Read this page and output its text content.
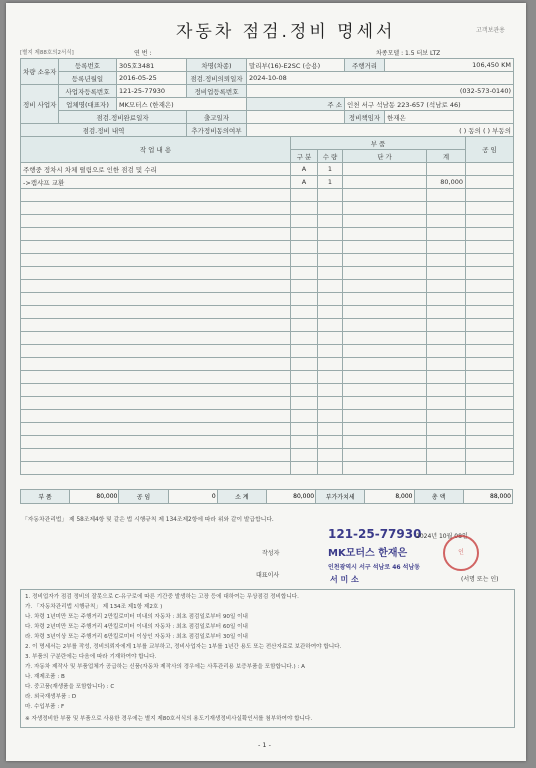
자동차 점검.정비 명세서	고객보관용
[별지 제88호의2서식]	연 번 :	차종모델 : 1.5 터보 LTZ
차량 소유자	등록번호	305호3481	차명(차종)	말리부(16)-E2SC (승용)	주행거리	106,450 KM
	등록년월일	2016-05-25	점검.정비의뢰일자	2024-10-08		
정비 사업자	사업자등록번호	121-25-77930	정비업등록번호	(032-573-0140)		
	업체명(대표자)	MK모터스 (한재은)		주 소	인천 서구 석남동 223-657 (석남로 46)	
	점검.정비완료일자		출고일자		정비책임자	한재은
점검.정비 내역			추가정비동의여부	( ) 동의 ( ) 부동의		
작 업 내 용	부 품				공 임
	구 분	수 량	단 가	계	
주행중 정차시 차체 떨림으로 인한 점검 및 수리	A	1			
->캠샤프 교환	A	1		80,000	

부 품	80,000	공 임	0	소 계	80,000	부가가치세	8,000	총 액	88,000
「자동차관리법」 제 58조제4항 및 같은 법 시행규칙 제 134조제2항에 따라 위와 같이 발급합니다.
121-25-77930
2024년 10월 08일
작성자	MK모터스 한재은
대표이사
인천광역시 서구 석남로 46 석남동
서 미 소	(서명 또는 인)
인
1. 정비업자가 점검 정비의 잘못으로 C-유구로에 따른 기간중 발생하는 고장 등에 대하여는 무상점검 정비합니다.
가. 「자동차관리법 시행규칙」 제 134조 제1항 제2호 )
나. 차령 1년미만 또는 주행거리 2만킬로미터 미내의 자동차 : 최초 점검일로부터 90일 이내
다. 차령 2년미만 또는 주행거리 4만킬로미터 이내의 자동차 : 최초 점검일로부터 60일 이내
라. 차령 3년이상 또는 주행거리 6만킬로미터 이상인 자동차 : 최초 점검일로부터 30일 이내
2. 이 명세서는 2부를 작성, 정비의뢰자에게 1부를 교부하고, 정비사업자는 1부를 1년간 용도 또는 전산자료로 보관하여야 합니다.
3. 부품의 구분란에는 다음에 따라 기재하여야 합니다.
가. 자동차 제작사 및 부품업체가 공급하는 신품(자동차 제작사의 경우에는 사후관리용 보증부품을 포함합니다.) : A
나. 재제조품 : B
다. 중고품(재생품을 포함합니다) : C
라. 외국재생부품 : D
마. 수입부품 : F
※ 자생정비한 부품 및 부품으로 사용한 경우에는 별지 제80호서식의 용도기재생정비사실확인서를 첨부하여야 합니다.
- 1 -
